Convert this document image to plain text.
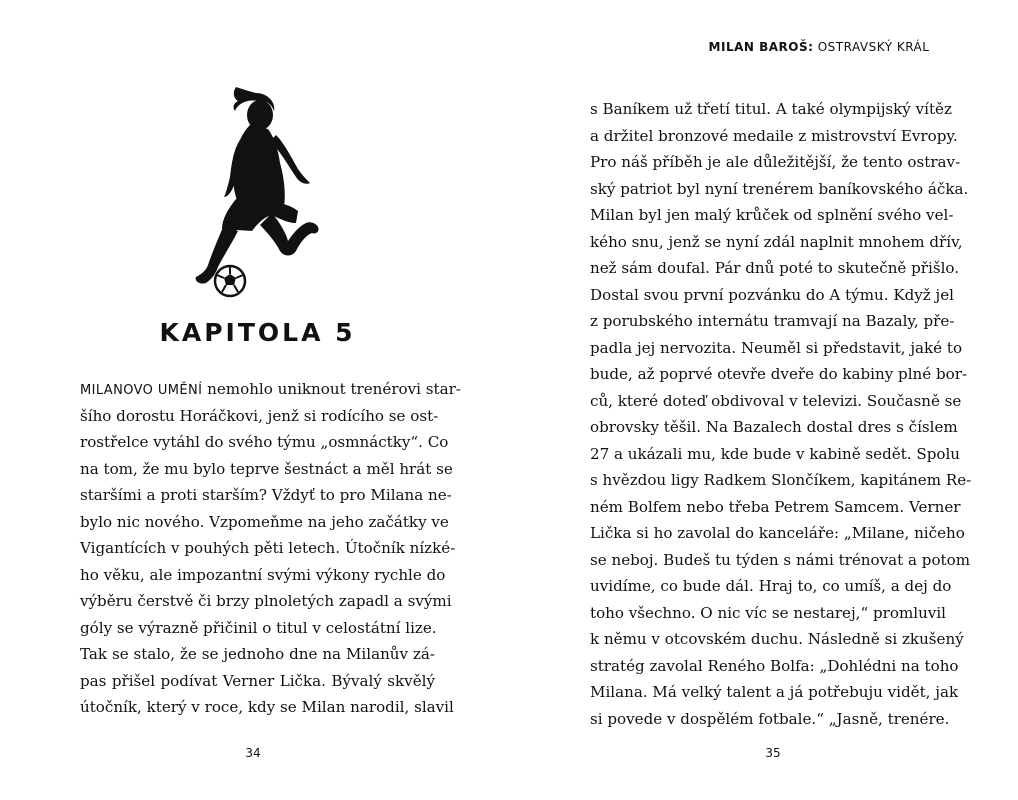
KAPITOLA 5
MILANOVO UMĚNÍ nemohlo uniknout trenérovi star-
šího dorostu Horáčkovi, jenž si rodícího se ost-
rostřelce vytáhl do svého týmu „osmnáctky“. Co
na tom, že mu bylo teprve šestnáct a měl hrát se
staršími a proti starším? Vždyť to pro Milana ne-
bylo nic nového. Vzpomeňme na jeho začátky ve
Vigantících v pouhých pěti letech. Útočník nízké-
ho věku, ale impozantní svými výkony rychle do
výběru čerstvě či brzy plnoletých zapadl a svými
góly se výrazně přičinil o titul v celostátní lize.
Tak se stalo, že se jednoho dne na Milanův zá-
pas přišel podívat Verner Lička. Bývalý skvělý
útočník, který v roce, kdy se Milan narodil, slavil
34
MILAN BAROŠ: OSTRAVSKÝ KRÁL
s Baníkem už třetí titul. A také olympijský vítěz
a držitel bronzové medaile z mistrovství Evropy.
Pro náš příběh je ale důležitější, že tento ostrav-
ský patriot byl nyní trenérem baníkovského áčka.
Milan byl jen malý krůček od splnění svého vel-
kého snu, jenž se nyní zdál naplnit mnohem dřív,
než sám doufal. Pár dnů poté to skutečně přišlo.
Dostal svou první pozvánku do A týmu. Když jel
z porubského internátu tramvají na Bazaly, pře-
padla jej nervozita. Neuměl si představit, jaké to
bude, až poprvé otevře dveře do kabiny plné bor-
ců, které doteď obdivoval v televizi. Současně se
obrovsky těšil. Na Bazalech dostal dres s číslem
27 a ukázali mu, kde bude v kabině sedět. Spolu
s hvězdou ligy Radkem Slončíkem, kapitánem Re-
ném Bolfem nebo třeba Petrem Samcem. Verner
Lička si ho zavolal do kanceláře: „Milane, ničeho
se neboj. Budeš tu týden s námi trénovat a potom
uvidíme, co bude dál. Hraj to, co umíš, a dej do
toho všechno. O nic víc se nestarej,“ promluvil
k němu v otcovském duchu. Následně si zkušený
stratég zavolal Reného Bolfa: „Dohlédni na toho
Milana. Má velký talent a já potřebuju vidět, jak
si povede v dospělém fotbale.“ „Jasně, trenére.
35
